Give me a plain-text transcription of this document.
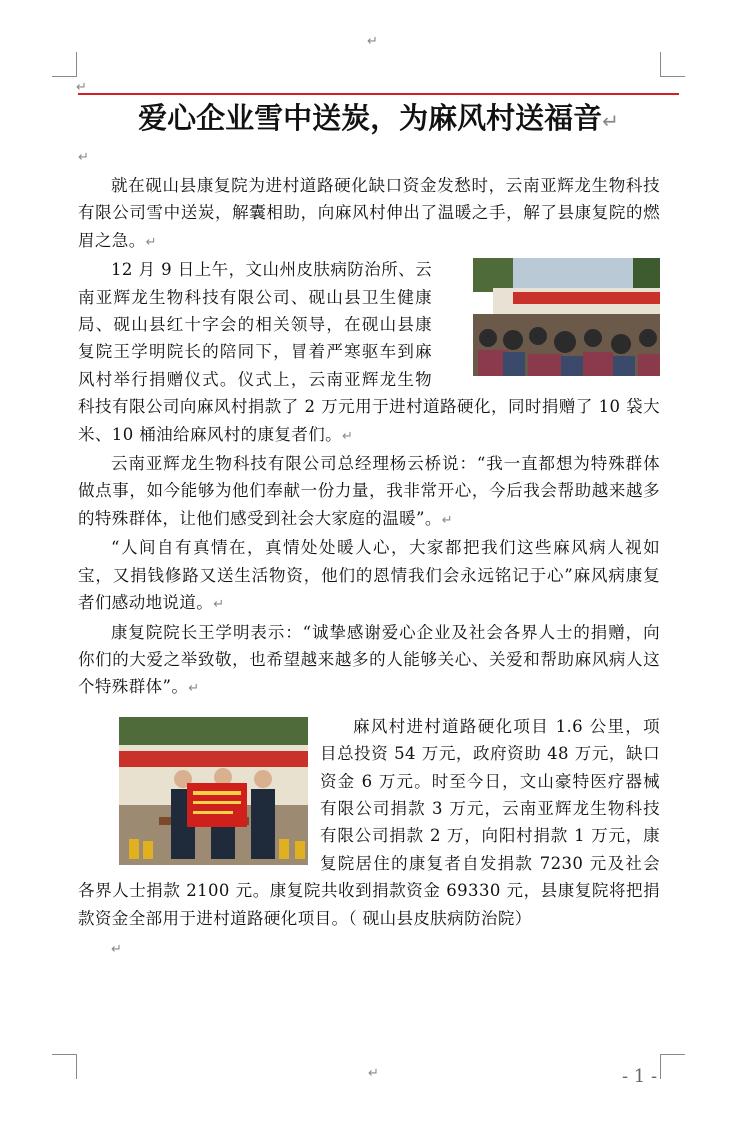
↵
↵
爱心企业雪中送炭，为麻风村送福音↵
↵

就在砚山县康复院为进村道路硬化缺口资金发愁时，云南亚辉龙生物科技有限公司雪中送炭，解囊相助，向麻风村伸出了温暖之手，解了县康复院的燃眉之急。↵

12 月 9 日上午，文山州皮肤病防治所、云南亚辉龙生物科技有限公司、砚山县卫生健康局、砚山县红十字会的相关领导，在砚山县康复院王学明院长的陪同下，冒着严寒驱车到麻风村举行捐赠仪式。仪式上，云南亚辉龙生物科技有限公司向麻风村捐款了 2 万元用于进村道路硬化，同时捐赠了 10 袋大米、10 桶油给麻风村的康复者们。↵

云南亚辉龙生物科技有限公司总经理杨云桥说：“我一直都想为特殊群体做点事，如今能够为他们奉献一份力量，我非常开心，今后我会帮助越来越多的特殊群体，让他们感受到社会大家庭的温暖”。↵

“人间自有真情在，真情处处暖人心，大家都把我们这些麻风病人视如宝，又捐钱修路又送生活物资，他们的恩情我们会永远铭记于心”麻风病康复者们感动地说道。↵

康复院院长王学明表示：“诚挚感谢爱心企业及社会各界人士的捐赠，向你们的大爱之举致敬，也希望越来越多的人能够关心、关爱和帮助麻风病人这个特殊群体”。↵

麻风村进村道路硬化项目 1.6 公里，项目总投资 54 万元，政府资助 48 万元，缺口资金 6 万元。时至今日，文山豪特医疗器械有限公司捐款 3 万元，云南亚辉龙生物科技有限公司捐款 2 万，向阳村捐款 1 万元，康复院居住的康复者自发捐款 7230 元及社会各界人士捐款 2100 元。康复院共收到捐款资金 69330 元，县康复院将把捐款资金全部用于进村道路硬化项目。（ 砚山县皮肤病防治院）

↵

↵	- 1 -
